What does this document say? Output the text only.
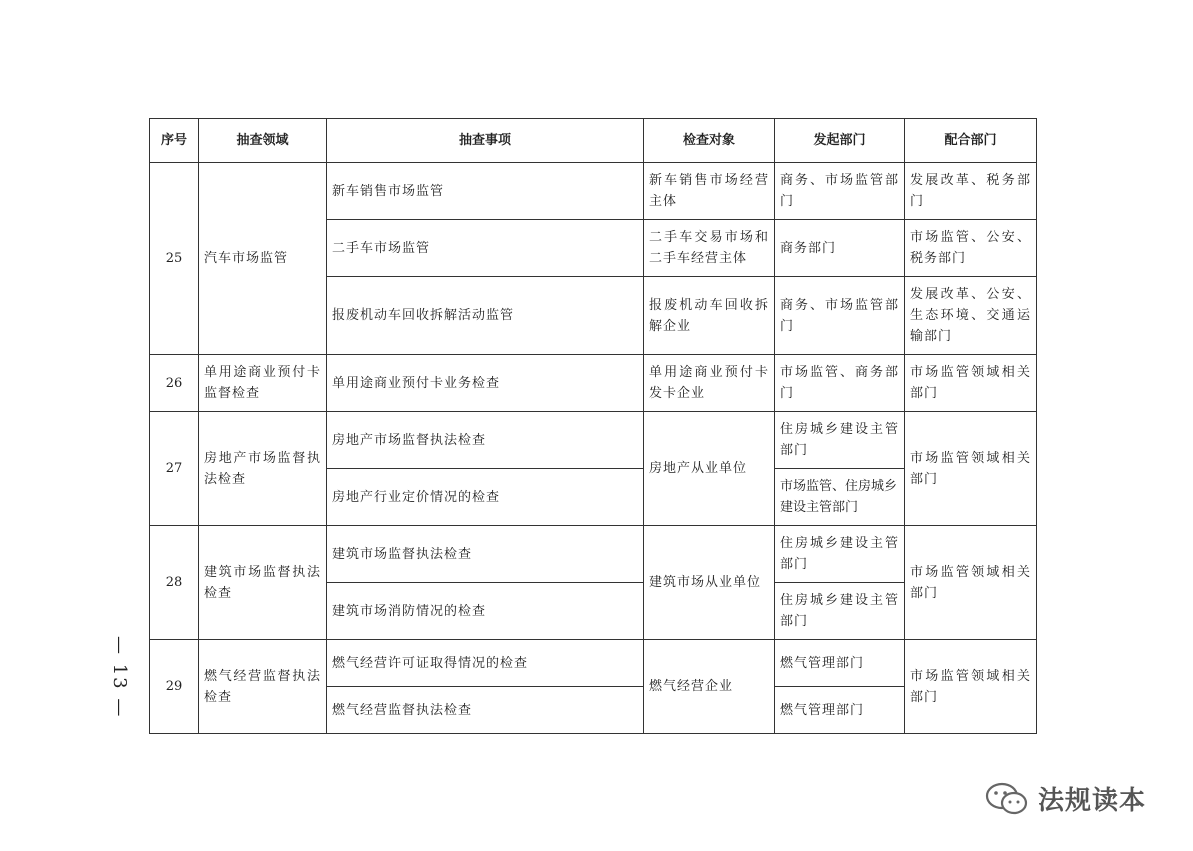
序号	抽查领域	抽查事项	检查对象	发起部门	配合部门
25	汽车市场监管	新车销售市场监管	新车销售市场经营主体	商务、市场监管部门	发展改革、税务部门
		二手车市场监管	二手车交易市场和二手车经营主体	商务部门	市场监管、公安、税务部门
		报废机动车回收拆解活动监管	报废机动车回收拆解企业	商务、市场监管部门	发展改革、公安、生态环境、交通运输部门
26	单用途商业预付卡监督检查	单用途商业预付卡业务检查	单用途商业预付卡发卡企业	市场监管、商务部门	市场监管领域相关部门
27	房地产市场监督执法检查	房地产市场监督执法检查	房地产从业单位	住房城乡建设主管部门	市场监管领域相关部门
		房地产行业定价情况的检查		市场监管、住房城乡建设主管部门	
28	建筑市场监督执法检查	建筑市场监督执法检查	建筑市场从业单位	住房城乡建设主管部门	市场监管领域相关部门
		建筑市场消防情况的检查		住房城乡建设主管部门	
29	燃气经营监督执法检查	燃气经营许可证取得情况的检查	燃气经营企业	燃气管理部门	市场监管领域相关部门
		燃气经营监督执法检查		燃气管理部门	
— 13 —
法规读本
